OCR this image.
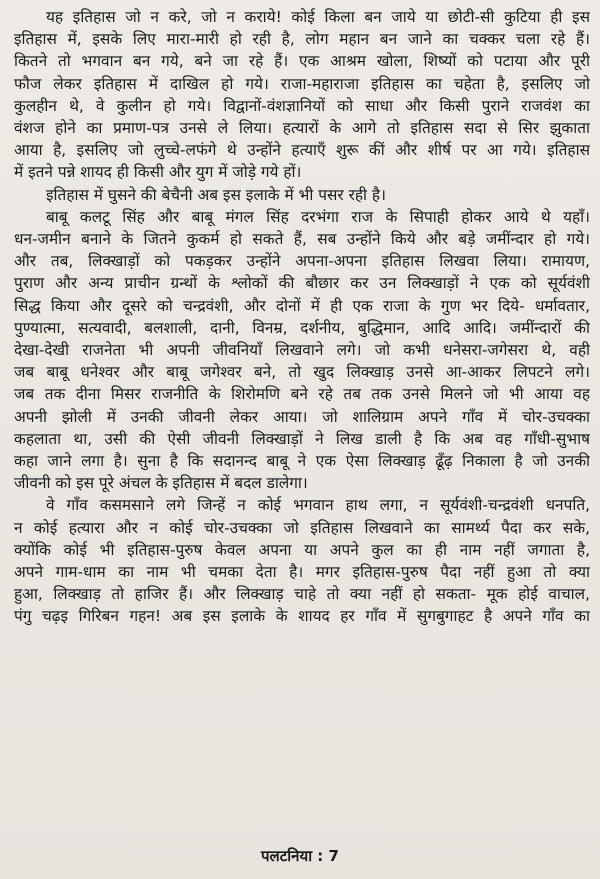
यह इतिहास जो न करे, जो न कराये! कोई किला बन जाये या छोटी-सी कुटिया ही इस
इतिहास में, इसके लिए मारा-मारी हो रही है, लोग महान बन जाने का चक्कर चला रहे हैं।
कितने तो भगवान बन गये, बने जा रहे हैं। एक आश्रम खोला, शिष्यों को पटाया और पूरी
फौज लेकर इतिहास में दाखिल हो गये। राजा-महाराजा इतिहास का चहेता है, इसलिए जो
कुलहीन थे, वे कुलीन हो गये। विद्वानों-वंशज्ञानियों को साधा और किसी पुराने राजवंश का
वंशज होने का प्रमाण-पत्र उनसे ले लिया। हत्यारों के आगे तो इतिहास सदा से सिर झुकाता
आया है, इसलिए जो लुच्चे-लफंगे थे उन्होंने हत्याएँ शुरू कीं और शीर्ष पर आ गये। इतिहास
में इतने पन्ने शायद ही किसी और युग में जोड़े गये हों।

इतिहास में घुसने की बेचैनी अब इस इलाके में भी पसर रही है।

बाबू कलटू सिंह और बाबू मंगल सिंह दरभंगा राज के सिपाही होकर आये थे यहाँ।
धन-जमीन बनाने के जितने कुकर्म हो सकते हैं, सब उन्होंने किये और बड़े जमींन्दार हो गये।
और तब, लिक्खाड़ों को पकड़कर उन्होंने अपना-अपना इतिहास लिखवा लिया। रामायण,
पुराण और अन्य प्राचीन ग्रन्थों के श्लोकों की बौछार कर उन लिक्खाड़ों ने एक को सूर्यवंशी
सिद्ध किया और दूसरे को चन्द्रवंशी, और दोनों में ही एक राजा के गुण भर दिये- धर्मावतार,
पुण्यात्मा, सत्यवादी, बलशाली, दानी, विनम्र, दर्शनीय, बुद्धिमान, आदि आदि। जमींन्दारों की
देखा-देखी राजनेता भी अपनी जीवनियाँ लिखवाने लगे। जो कभी धनेसरा-जगेसरा थे, वही
जब बाबू धनेश्वर और बाबू जगेश्वर बने, तो खुद लिक्खाड़ उनसे आ-आकर लिपटने लगे।
जब तक दीना मिसर राजनीति के शिरोमणि बने रहे तब तक उनसे मिलने जो भी आया वह
अपनी झोली में उनकी जीवनी लेकर आया। जो शालिग्राम अपने गाँव में चोर-उचक्का
कहलाता था, उसी की ऐसी जीवनी लिक्खाड़ों ने लिख डाली है कि अब वह गाँधी-सुभाष
कहा जाने लगा है। सुना है कि सदानन्द बाबू ने एक ऐसा लिक्खाड़ ढूँढ़ निकाला है जो उनकी
जीवनी को इस पूरे अंचल के इतिहास में बदल डालेगा।

वे गाँव कसमसाने लगे जिन्हें न कोई भगवान हाथ लगा, न सूर्यवंशी-चन्द्रवंशी धनपति,
न कोई हत्यारा और न कोई चोर-उचक्का जो इतिहास लिखवाने का सामर्थ्य पैदा कर सके,
क्योंकि कोई भी इतिहास-पुरुष केवल अपना या अपने कुल का ही नाम नहीं जगाता है,
अपने गाम-धाम का नाम भी चमका देता है। मगर इतिहास-पुरुष पैदा नहीं हुआ तो क्या
हुआ, लिक्खाड़ तो हाजिर हैं। और लिक्खाड़ चाहे तो क्या नहीं हो सकता- मूक होई वाचाल,
पंगु चढ़इ गिरिबन गहन! अब इस इलाके के शायद हर गाँव में सुगबुगाहट है अपने गाँव का

पलटनिया : 7
